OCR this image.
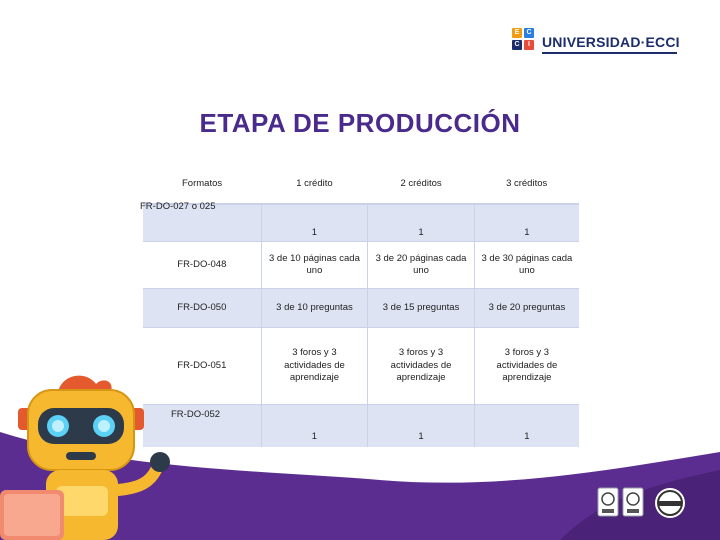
E	C
C	I UNIVERSIDAD·ECCI
ETAPA DE PRODUCCIÓN
Formatos	1 crédito	2 créditos	3 créditos
FR-DO-027 o 025	1	1	1
FR-DO-048	3 de 10 páginas cada uno	3 de 20 páginas cada uno	3 de 30 páginas cada uno
FR-DO-050	3 de 10 preguntas	3 de 15 preguntas	3 de 20 preguntas
FR-DO-051	3 foros y 3 actividades de aprendizaje	3 foros y 3 actividades de aprendizaje	3 foros y 3 actividades de aprendizaje
FR-DO-052	1	1	1
